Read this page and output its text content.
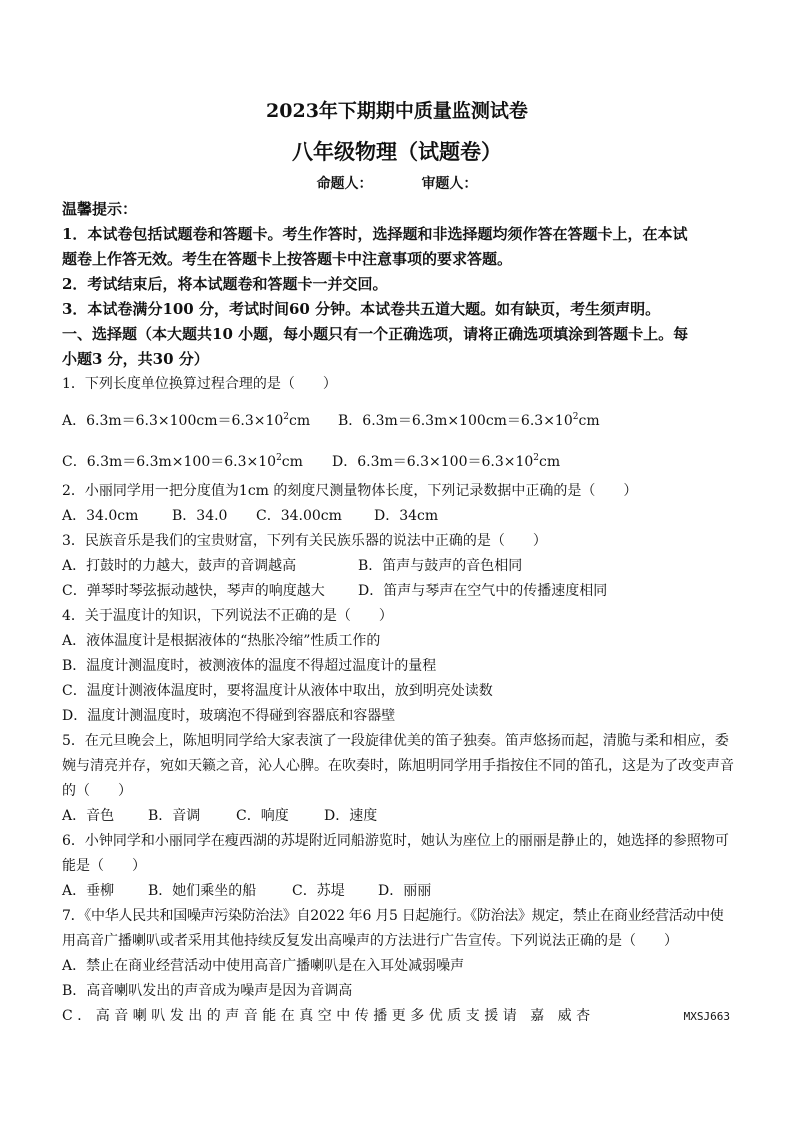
2023年下期期中质量监测试卷
八年级物理（试题卷）
命题人：	审题人：

温馨提示：

1．本试卷包括试题卷和答题卡。考生作答时，选择题和非选择题均须作答在答题卡上，在本试

题卷上作答无效。考生在答题卡上按答题卡中注意事项的要求答题。

2．考试结束后，将本试题卷和答题卡一并交回。

3．本试卷满分100 分，考试时间60 分钟。本试卷共五道大题。如有缺页，考生须声明。

一、选择题（本大题共10 小题，每小题只有一个正确选项，请将正确选项填涂到答题卡上。每

小题3 分，共30 分）

1．下列长度单位换算过程合理的是（　　）

A．$6.3m=6.3\times 100cm=6.3\times 10^2cm$ B．$6.3m=6.3m\times 100cm=6.3\times 10^2cm$

C．$6.3m=6.3m\times 100=6.3\times 10^2cm$ D．$6.3m=6.3\times 100=6.3\times 10^2cm$

2．小丽同学用一把分度值为1cm 的刻度尺测量物体长度，下列记录数据中正确的是（　　）

A．34.0cm B．34.0 C．34.00cm D．34cm

3．民族音乐是我们的宝贵财富，下列有关民族乐器的说法中正确的是（　　）

A．打鼓时的力越大，鼓声的音调越高	B．笛声与鼓声的音色相同

C．弹琴时琴弦振动越快，琴声的响度越大 D．笛声与琴声在空气中的传播速度相同

4．关于温度计的知识，下列说法不正确的是（　　）

A．液体温度计是根据液体的“热胀冷缩”性质工作的

B．温度计测温度时，被测液体的温度不得超过温度计的量程

C．温度计测液体温度时，要将温度计从液体中取出，放到明亮处读数

D．温度计测温度时，玻璃泡不得碰到容器底和容器壁

5．在元旦晚会上，陈旭明同学给大家表演了一段旋律优美的笛子独奏。笛声悠扬而起，清脆与柔和相应，委

婉与清亮并存，宛如天籁之音，沁人心脾。在吹奏时，陈旭明同学用手指按住不同的笛孔，这是为了改变声音

的（　　）

A．音色 B．音调	C．响度	D．速度

6．小钟同学和小丽同学在瘦西湖的苏堤附近同船游览时，她认为座位上的丽丽是静止的，她选择的参照物可

能是（　　）

A．垂柳 B．她们乘坐的船	C．苏堤 D．丽丽

7．《中华人民共和国噪声污染防治法》自2022 年6 月5 日起施行。《防治法》规定，禁止在商业经营活动中使

用高音广播喇叭或者采用其他持续反复发出高噪声的方法进行广告宣传。下列说法正确的是（　　）

A．禁止在商业经营活动中使用高音广播喇叭是在入耳处减弱噪声

B．高音喇叭发出的声音成为噪声是因为音调高

C．高音喇叭发出的声音能在真空中传播更多优质支援请 嘉 威杏	MXSJ663
